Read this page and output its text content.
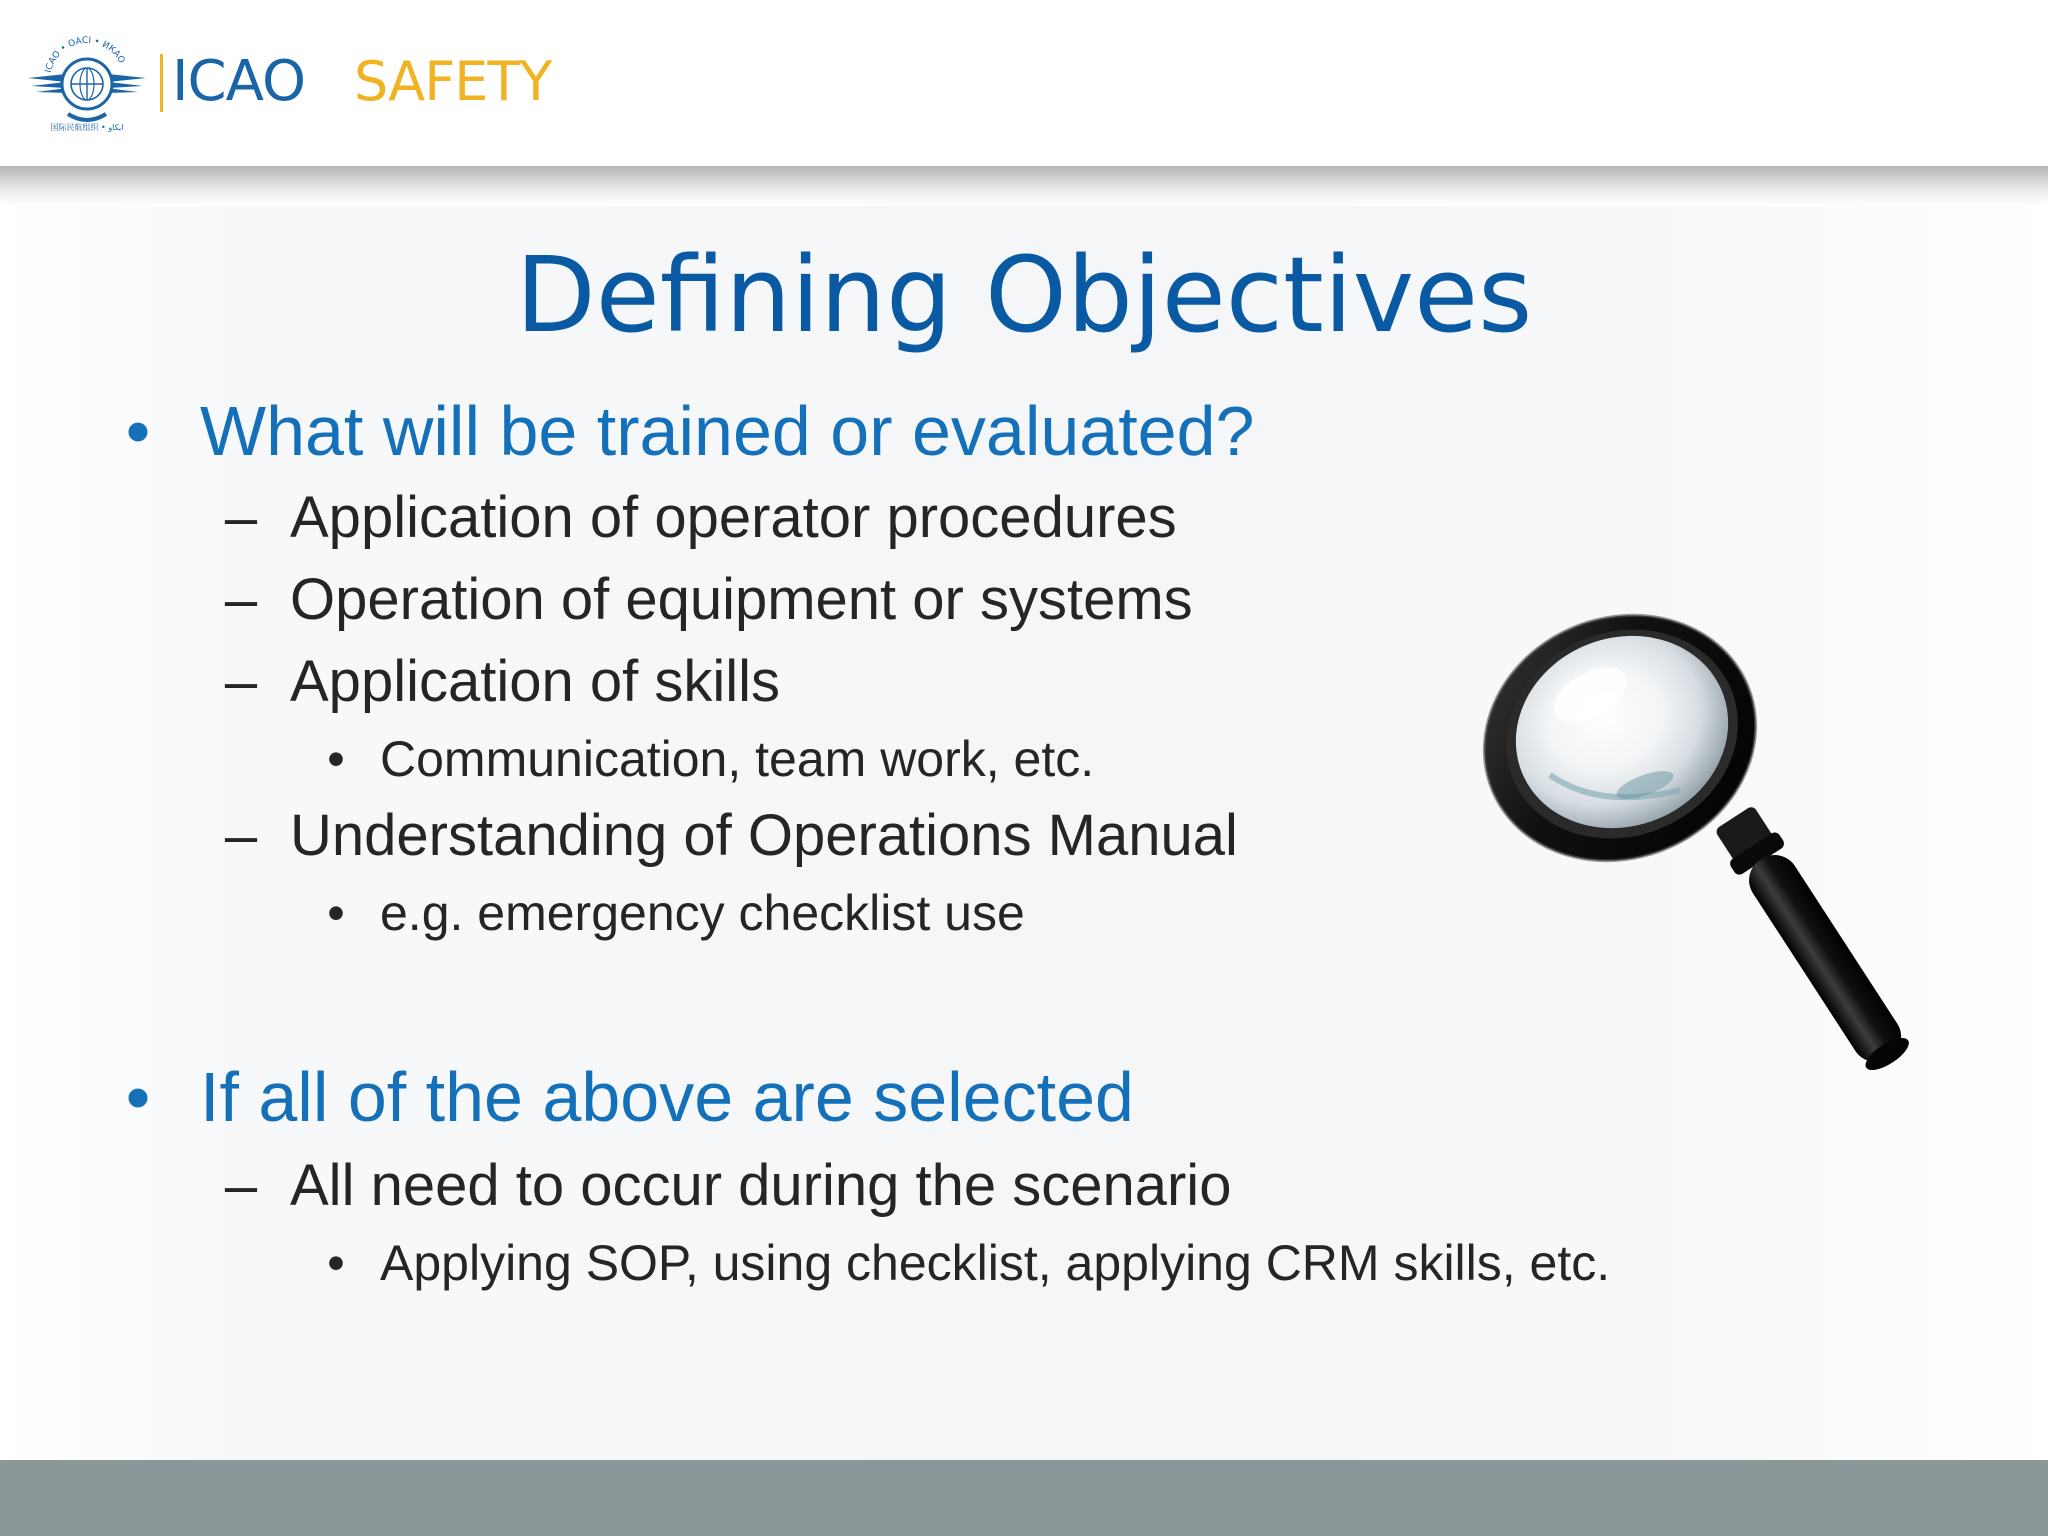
ICAO • OACI • ИКАО
国际民航组织 • ايكاو
ICAO SAFETY
Defining Objectives
• What will be trained or evaluated?
– Application of operator procedures
– Operation of equipment or systems
– Application of skills
• Communication, team work, etc.
– Understanding of Operations Manual
• e.g. emergency checklist use
• If all of the above are selected
– All need to occur during the scenario
• Applying SOP, using checklist, applying CRM skills, etc.
